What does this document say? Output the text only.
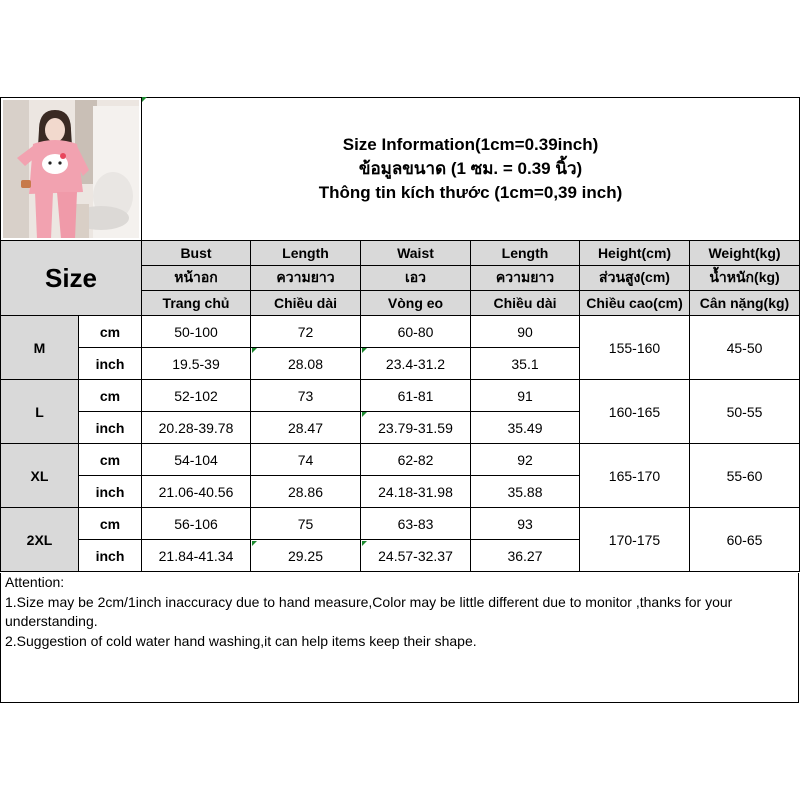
Size Information(1cm=0.39inch)
ข้อมูลขนาด (1 ซม. = 0.39 นิ้ว)
Thông tin kích thước (1cm=0,39 inch)					

Size		Bust	Length	Waist	Length	Height(cm)	Weight(kg)
		หน้าอก	ความยาว	เอว	ความยาว	ส่วนสูง(cm)	น้ำหนัก(kg)
		Trang chủ	Chiều dài	Vòng eo	Chiều dài	Chiều cao(cm)	Cân nặng(kg)
M	cm	50-100	72	60-80	90	155-160	45-50
	inch	19.5-39	28.08	23.4-31.2	35.1		
L	cm	52-102	73	61-81	91	160-165	50-55
	inch	20.28-39.78	28.47	23.79-31.59	35.49		
XL	cm	54-104	74	62-82	92	165-170	55-60
	inch	21.06-40.56	28.86	24.18-31.98	35.88		
2XL	cm	56-106	75	63-83	93	170-175	60-65
	inch	21.84-41.34	29.25	24.57-32.37	36.27		

Attention:

1.Size may be 2cm/1inch inaccuracy due to hand measure,Color may be little different due to monitor ,thanks for your understanding.

2.Suggestion of cold water hand washing,it can help items keep their shape.
